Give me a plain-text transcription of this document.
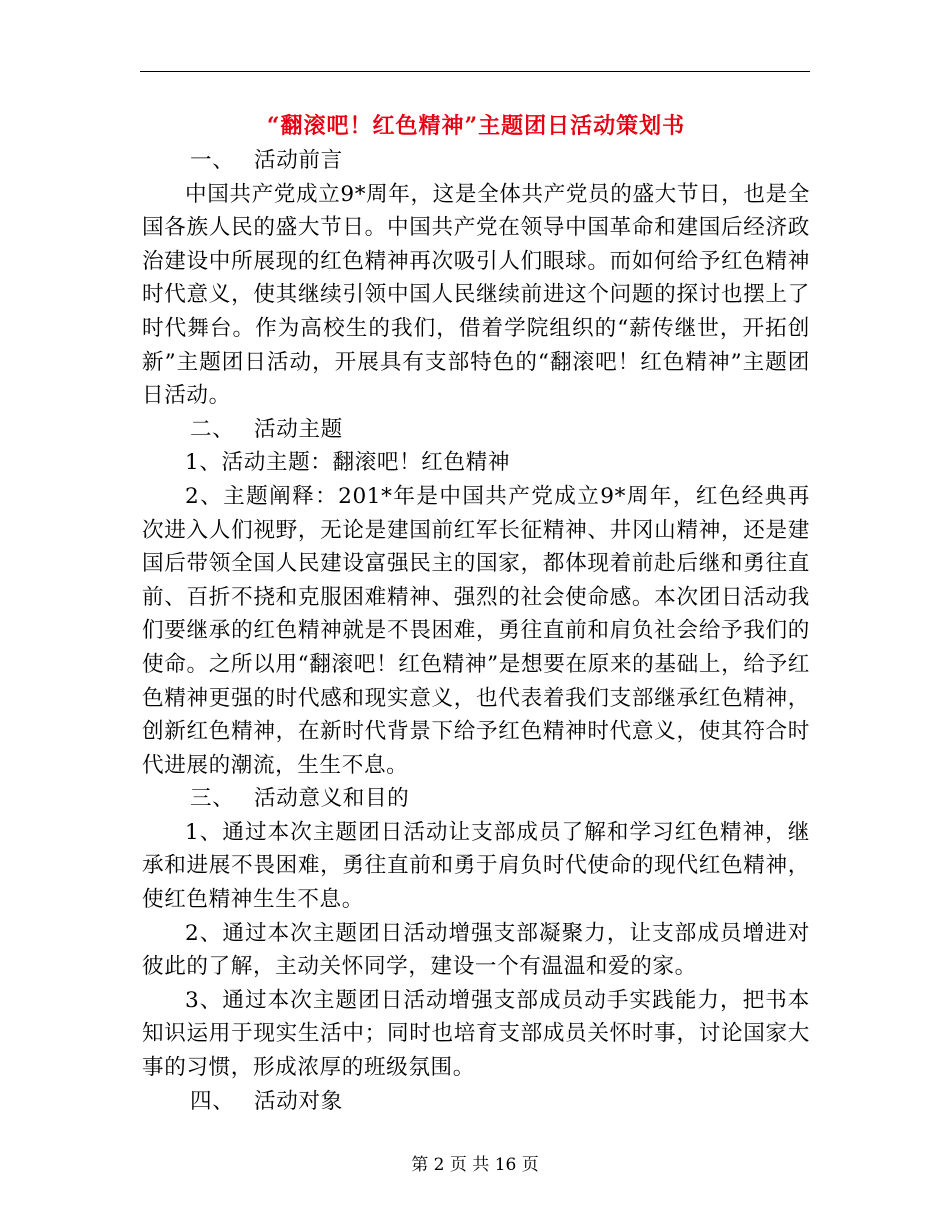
“翻滚吧！红色精神”主题团日活动策划书

一、 活动前言

中国共产党成立9*周年，这是全体共产党员的盛大节日，也是全国各族人民的盛大节日。中国共产党在领导中国革命和建国后经济政治建设中所展现的红色精神再次吸引人们眼球。而如何给予红色精神时代意义，使其继续引领中国人民继续前进这个问题的探讨也摆上了时代舞台。作为高校生的我们，借着学院组织的“薪传继世，开拓创新”主题团日活动，开展具有支部特色的“翻滚吧！红色精神”主题团日活动。

二、 活动主题

1、活动主题：翻滚吧！红色精神

2、主题阐释：201*年是中国共产党成立9*周年，红色经典再次进入人们视野，无论是建国前红军长征精神、井冈山精神，还是建国后带领全国人民建设富强民主的国家，都体现着前赴后继和勇往直前、百折不挠和克服困难精神、强烈的社会使命感。本次团日活动我们要继承的红色精神就是不畏困难，勇往直前和肩负社会给予我们的使命。之所以用“翻滚吧！红色精神”是想要在原来的基础上，给予红色精神更强的时代感和现实意义，也代表着我们支部继承红色精神，创新红色精神，在新时代背景下给予红色精神时代意义，使其符合时代进展的潮流，生生不息。

三、 活动意义和目的

1、通过本次主题团日活动让支部成员了解和学习红色精神，继承和进展不畏困难，勇往直前和勇于肩负时代使命的现代红色精神，使红色精神生生不息。

2、通过本次主题团日活动增强支部凝聚力，让支部成员增进对彼此的了解，主动关怀同学，建设一个有温温和爱的家。

3、通过本次主题团日活动增强支部成员动手实践能力，把书本知识运用于现实生活中；同时也培育支部成员关怀时事，讨论国家大事的习惯，形成浓厚的班级氛围。

四、 活动对象

第 2 页 共 16 页
